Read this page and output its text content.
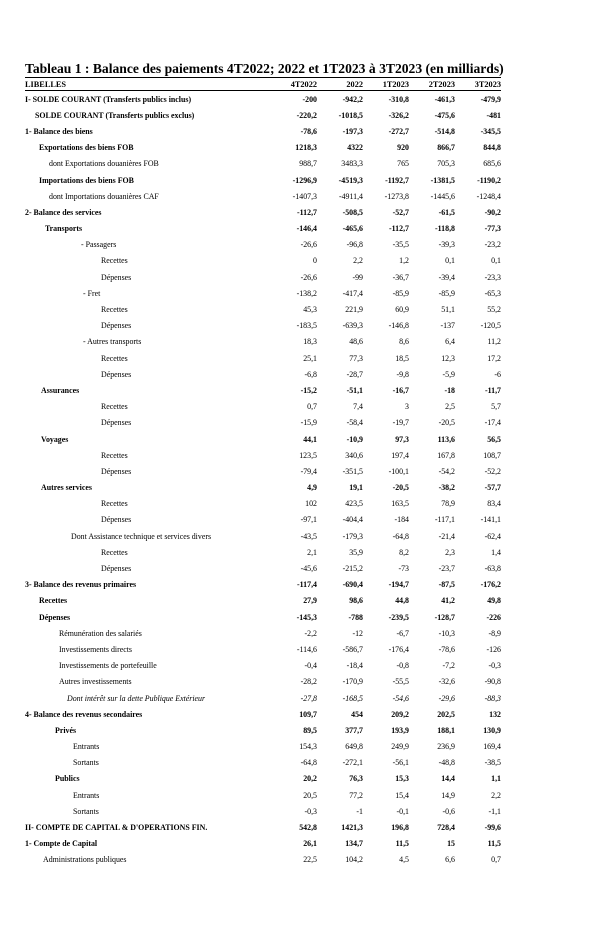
Tableau 1 : Balance des paiements 4T2022; 2022 et 1T2023 à 3T2023 (en milliards)
LIBELLES	4T2022	2022	1T2023	2T2023	3T2023
I- SOLDE COURANT (Transferts publics inclus)	-200	-942,2	-310,8	-461,3	-479,9
SOLDE COURANT (Transferts publics exclus)	-220,2	-1018,5	-326,2	-475,6	-481
1- Balance des biens	-78,6	-197,3	-272,7	-514,8	-345,5
Exportations des biens FOB	1218,3	4322	920	866,7	844,8
dont Exportations douanières FOB	988,7	3483,3	765	705,3	685,6
Importations des biens FOB	-1296,9	-4519,3	-1192,7	-1381,5	-1190,2
dont Importations douanières CAF	-1407,3	-4911,4	-1273,8	-1445,6	-1248,4
2- Balance des services	-112,7	-508,5	-52,7	-61,5	-90,2
Transports	-146,4	-465,6	-112,7	-118,8	-77,3
- Passagers	-26,6	-96,8	-35,5	-39,3	-23,2
Recettes	0	2,2	1,2	0,1	0,1
Dépenses	-26,6	-99	-36,7	-39,4	-23,3
- Fret	-138,2	-417,4	-85,9	-85,9	-65,3
Recettes	45,3	221,9	60,9	51,1	55,2
Dépenses	-183,5	-639,3	-146,8	-137	-120,5
- Autres transports	18,3	48,6	8,6	6,4	11,2
Recettes	25,1	77,3	18,5	12,3	17,2
Dépenses	-6,8	-28,7	-9,8	-5,9	-6
Assurances	-15,2	-51,1	-16,7	-18	-11,7
Recettes	0,7	7,4	3	2,5	5,7
Dépenses	-15,9	-58,4	-19,7	-20,5	-17,4
Voyages	44,1	-10,9	97,3	113,6	56,5
Recettes	123,5	340,6	197,4	167,8	108,7
Dépenses	-79,4	-351,5	-100,1	-54,2	-52,2
Autres services	4,9	19,1	-20,5	-38,2	-57,7
Recettes	102	423,5	163,5	78,9	83,4
Dépenses	-97,1	-404,4	-184	-117,1	-141,1
Dont Assistance technique et services divers	-43,5	-179,3	-64,8	-21,4	-62,4
Recettes	2,1	35,9	8,2	2,3	1,4
Dépenses	-45,6	-215,2	-73	-23,7	-63,8
3- Balance des revenus primaires	-117,4	-690,4	-194,7	-87,5	-176,2
Recettes	27,9	98,6	44,8	41,2	49,8
Dépenses	-145,3	-788	-239,5	-128,7	-226
Rémunération des salariés	-2,2	-12	-6,7	-10,3	-8,9
Investissements directs	-114,6	-586,7	-176,4	-78,6	-126
Investissements de portefeuille	-0,4	-18,4	-0,8	-7,2	-0,3
Autres investissements	-28,2	-170,9	-55,5	-32,6	-90,8
Dont intérêt sur la dette Publique Extérieur	-27,8	-168,5	-54,6	-29,6	-88,3
4- Balance des revenus secondaires	109,7	454	209,2	202,5	132
Privés	89,5	377,7	193,9	188,1	130,9
Entrants	154,3	649,8	249,9	236,9	169,4
Sortants	-64,8	-272,1	-56,1	-48,8	-38,5
Publics	20,2	76,3	15,3	14,4	1,1
Entrants	20,5	77,2	15,4	14,9	2,2
Sortants	-0,3	-1	-0,1	-0,6	-1,1
II- COMPTE DE CAPITAL & D'OPERATIONS FIN.	542,8	1421,3	196,8	728,4	-99,6
1- Compte de Capital	26,1	134,7	11,5	15	11,5
Administrations publiques	22,5	104,2	4,5	6,6	0,7
